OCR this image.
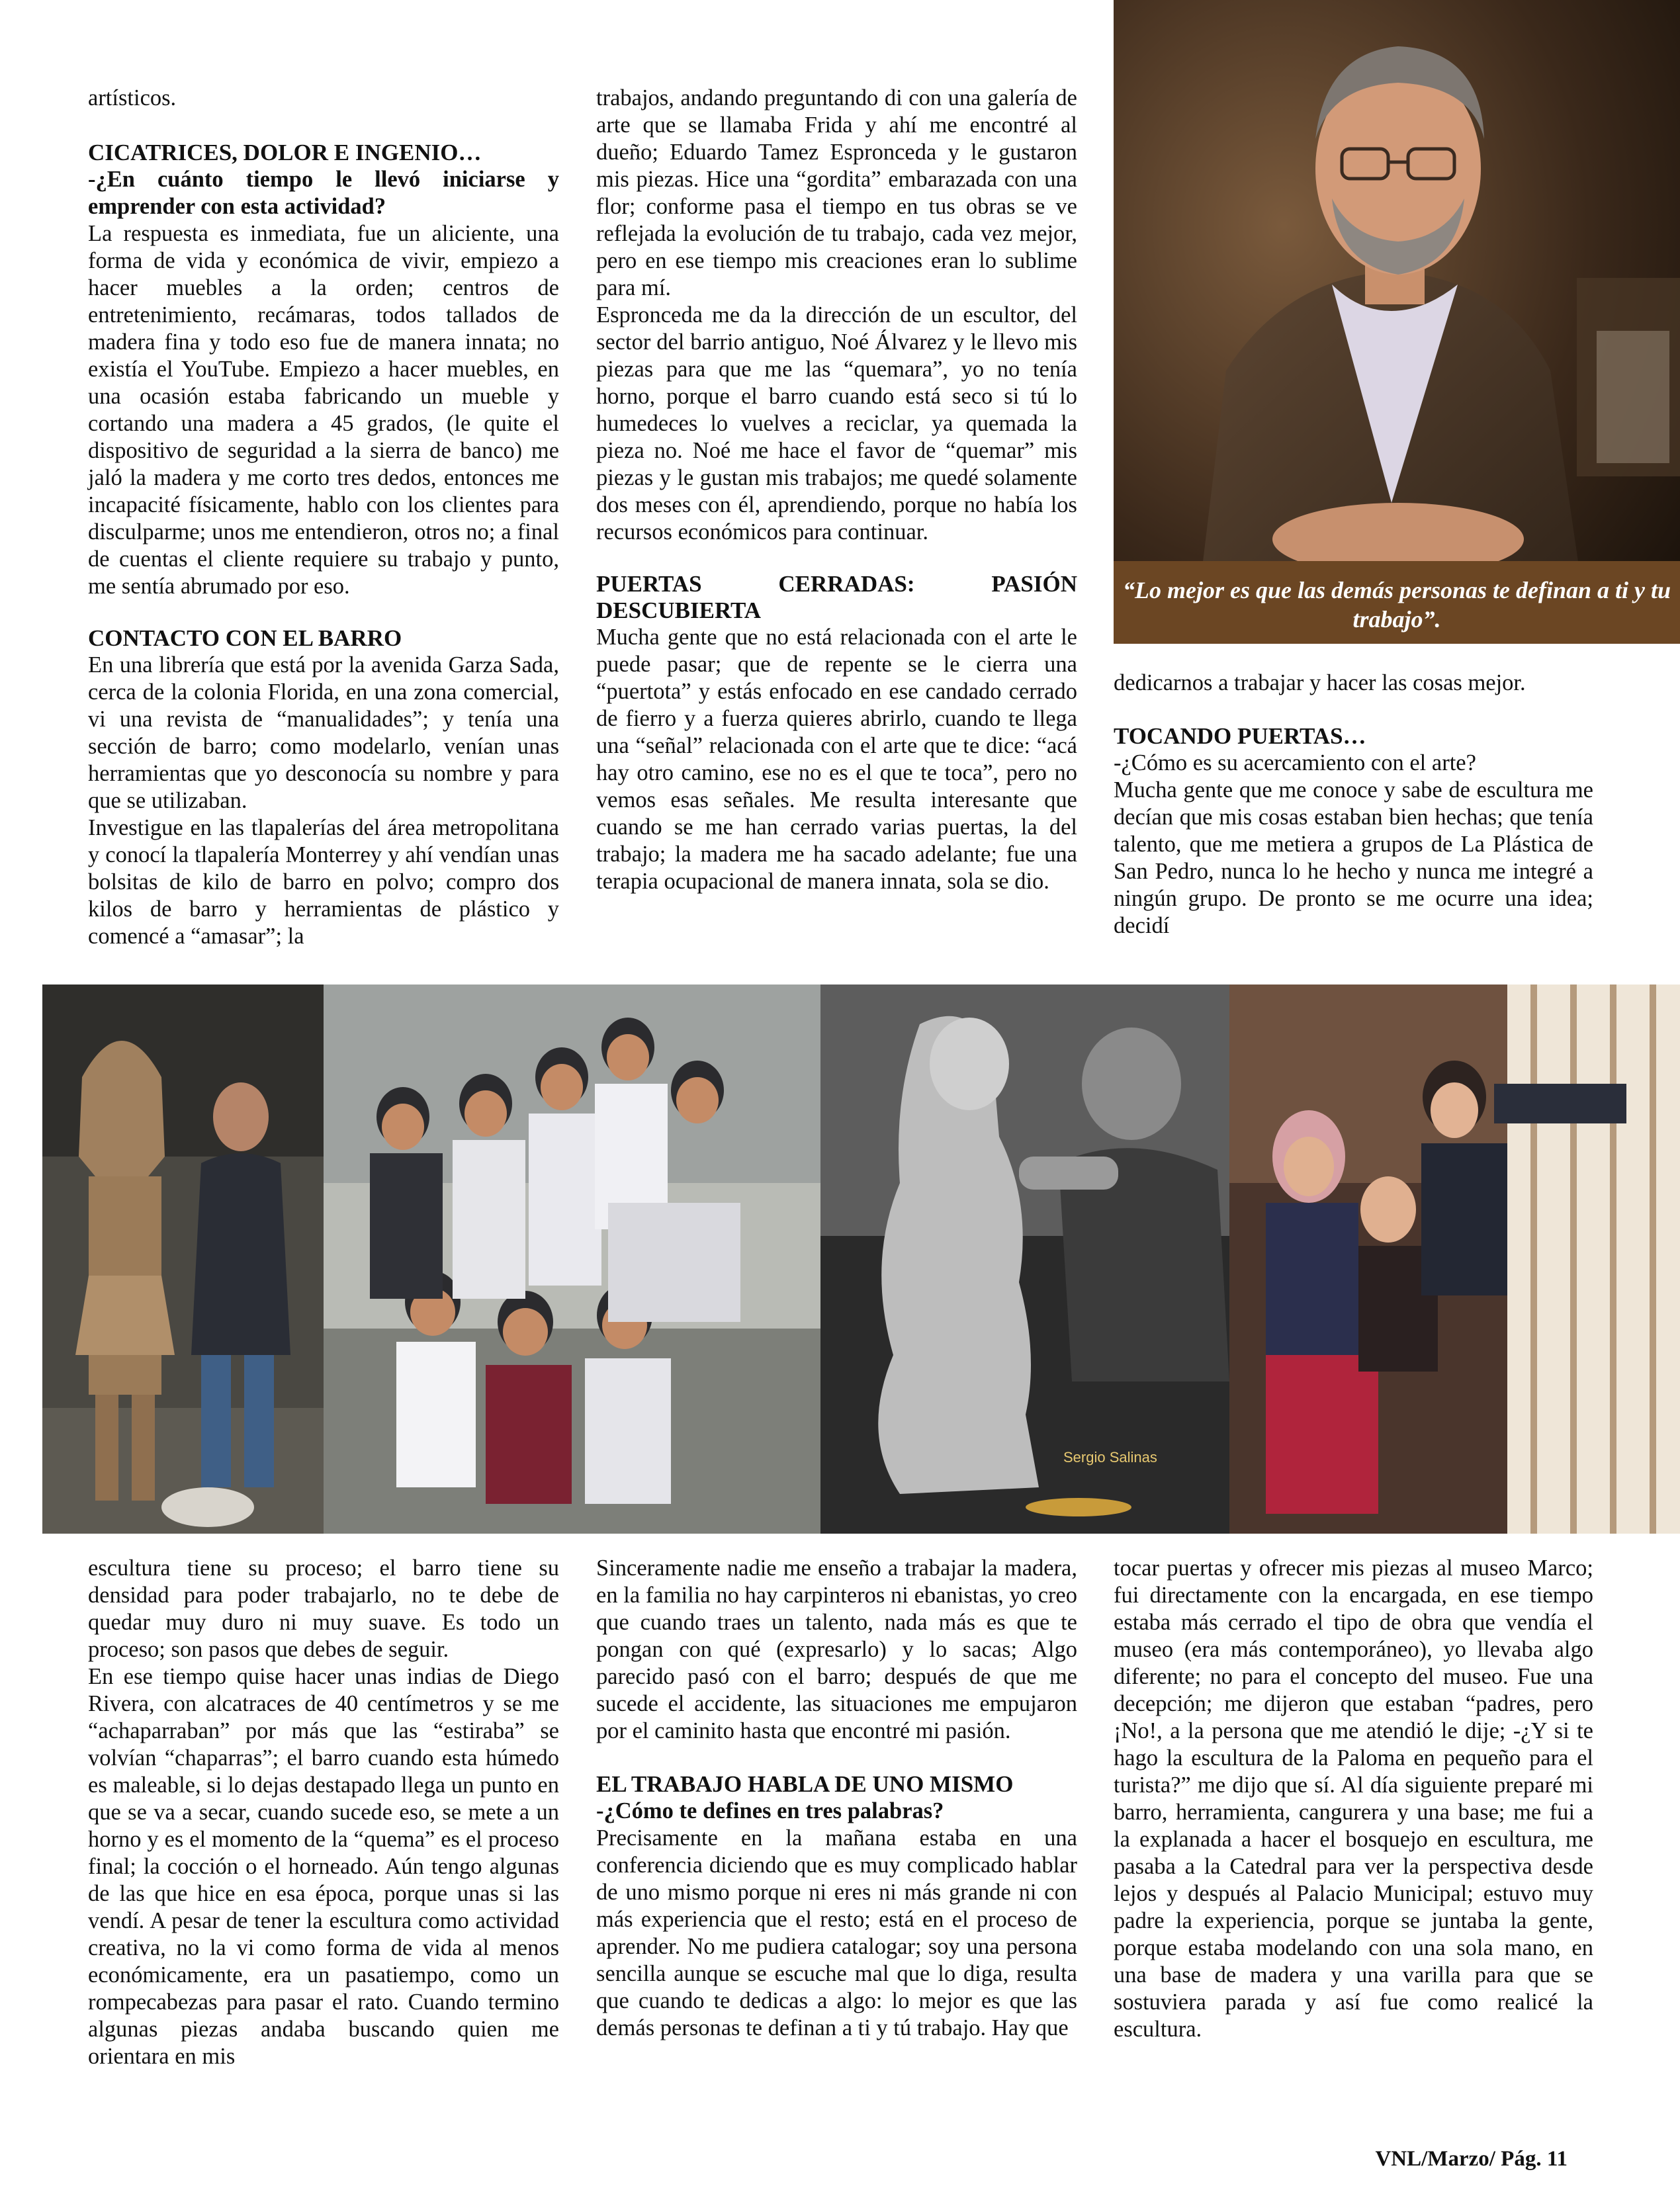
artísticos.

CICATRICES, DOLOR E INGENIO…

-¿En cuánto tiempo le llevó iniciarse y emprender con esta actividad?

La respuesta es inmediata, fue un aliciente, una forma de vida y económica de vivir, empiezo a hacer muebles a la orden; centros de entretenimiento, recámaras, todos tallados de madera fina y todo eso fue de manera innata; no existía el YouTube. Empiezo a hacer muebles, en una ocasión estaba fabricando un mueble y cortando una madera a 45 grados, (le quite el dispositivo de seguridad a la sierra de banco) me jaló la madera y me corto tres dedos, entonces me incapacité físicamente, hablo con los clientes para disculparme; unos me entendieron, otros no; a final de cuentas el cliente requiere su trabajo y punto, me sentía abrumado por eso.

CONTACTO CON EL BARRO

En una librería que está por la avenida Garza Sada, cerca de la colonia Florida, en una zona comercial, vi una revista de “manualidades”; y tenía una sección de barro; como modelarlo, venían unas herramientas que yo desconocía su nombre y para que se utilizaban.

Investigue en las tlapalerías del área metropolitana y conocí la tlapalería Monterrey y ahí vendían unas bolsitas de kilo de barro en polvo; compro dos kilos de barro y herramientas de plástico y comencé a “amasar”; la

trabajos, andando preguntando di con una galería de arte que se llamaba Frida y ahí me encontré al dueño; Eduardo Tamez Espronceda y le gustaron mis piezas. Hice una “gordita” embarazada con una flor; conforme pasa el tiempo en tus obras se ve reflejada la evolución de tu trabajo, cada vez mejor, pero en ese tiempo mis creaciones eran lo sublime para mí.

Espronceda me da la dirección de un escultor, del sector del barrio antiguo, Noé Álvarez y le llevo mis piezas para que me las “quemara”, yo no tenía horno, porque el barro cuando está seco si tú lo humedeces lo vuelves a reciclar, ya quemada la pieza no. Noé me hace el favor de “quemar” mis piezas y le gustan mis trabajos; me quedé solamente dos meses con él, aprendiendo, porque no había los recursos económicos para continuar.

PUERTAS CERRADAS: PASIÓN DESCUBIERTA

Mucha gente que no está relacionada con el arte le puede pasar; que de repente se le cierra una “puertota” y estás enfocado en ese candado cerrado de fierro y a fuerza quieres abrirlo, cuando te llega una “señal” relacionada con el arte que te dice: “acá hay otro camino, ese no es el que te toca”, pero no vemos esas señales. Me resulta interesante que cuando se me han cerrado varias puertas, la del trabajo; la madera me ha sacado adelante; fue una terapia ocupacional de manera innata, sola se dio.

“Lo mejor es que las demás personas te definan a ti y tu trabajo”.

dedicarnos a trabajar y hacer las cosas mejor.

TOCANDO PUERTAS…

-¿Cómo es su acercamiento con el arte?

Mucha gente que me conoce y sabe de escultura me decían que mis cosas estaban bien hechas; que tenía talento, que me metiera a grupos de La Plástica de San Pedro, nunca lo he hecho y nunca me integré a ningún grupo. De pronto se me ocurre una idea; decidí

Sergio Salinas

escultura tiene su proceso; el barro tiene su densidad para poder trabajarlo, no te debe de quedar muy duro ni muy suave. Es todo un proceso; son pasos que debes de seguir.

En ese tiempo quise hacer unas indias de Diego Rivera, con alcatraces de 40 centímetros y se me “achaparraban” por más que las “estiraba” se volvían “chaparras”; el barro cuando esta húmedo es maleable, si lo dejas destapado llega un punto en que se va a secar, cuando sucede eso, se mete a un horno y es el momento de la “quema” es el proceso final; la cocción o el horneado. Aún tengo algunas de las que hice en esa época, porque unas si las vendí. A pesar de tener la escultura como actividad creativa, no la vi como forma de vida al menos económicamente, era un pasatiempo, como un rompecabezas para pasar el rato. Cuando termino algunas piezas andaba buscando quien me orientara en mis

Sinceramente nadie me enseño a trabajar la madera, en la familia no hay carpinteros ni ebanistas, yo creo que cuando traes un talento, nada más es que te pongan con qué (expresarlo) y lo sacas; Algo parecido pasó con el barro; después de que me sucede el accidente, las situaciones me empujaron por el caminito hasta que encontré mi pasión.

EL TRABAJO HABLA DE UNO MISMO

-¿Cómo te defines en tres palabras?

Precisamente en la mañana estaba en una conferencia diciendo que es muy complicado hablar de uno mismo porque ni eres ni más grande ni con más experiencia que el resto; está en el proceso de aprender. No me pudiera catalogar; soy una persona sencilla aunque se escuche mal que lo diga, resulta que cuando te dedicas a algo: lo mejor es que las demás personas te definan a ti y tú trabajo. Hay que

tocar puertas y ofrecer mis piezas al museo Marco; fui directamente con la encargada, en ese tiempo estaba más cerrado el tipo de obra que vendía el museo (era más contemporáneo), yo llevaba algo diferente; no para el concepto del museo. Fue una decepción; me dijeron que estaban “padres, pero ¡No!, a la persona que me atendió le dije; -¿Y si te hago la escultura de la Paloma en pequeño para el turista?” me dijo que sí. Al día siguiente preparé mi barro, herramienta, cangurera y una base; me fui a la explanada a hacer el bosquejo en escultura, me pasaba a la Catedral para ver la perspectiva desde lejos y después al Palacio Municipal; estuvo muy padre la experiencia, porque se juntaba la gente, porque estaba modelando con una sola mano, en una base de madera y una varilla para que se sostuviera parada y así fue como realicé la escultura.

VNL/Marzo/ Pág. 11
